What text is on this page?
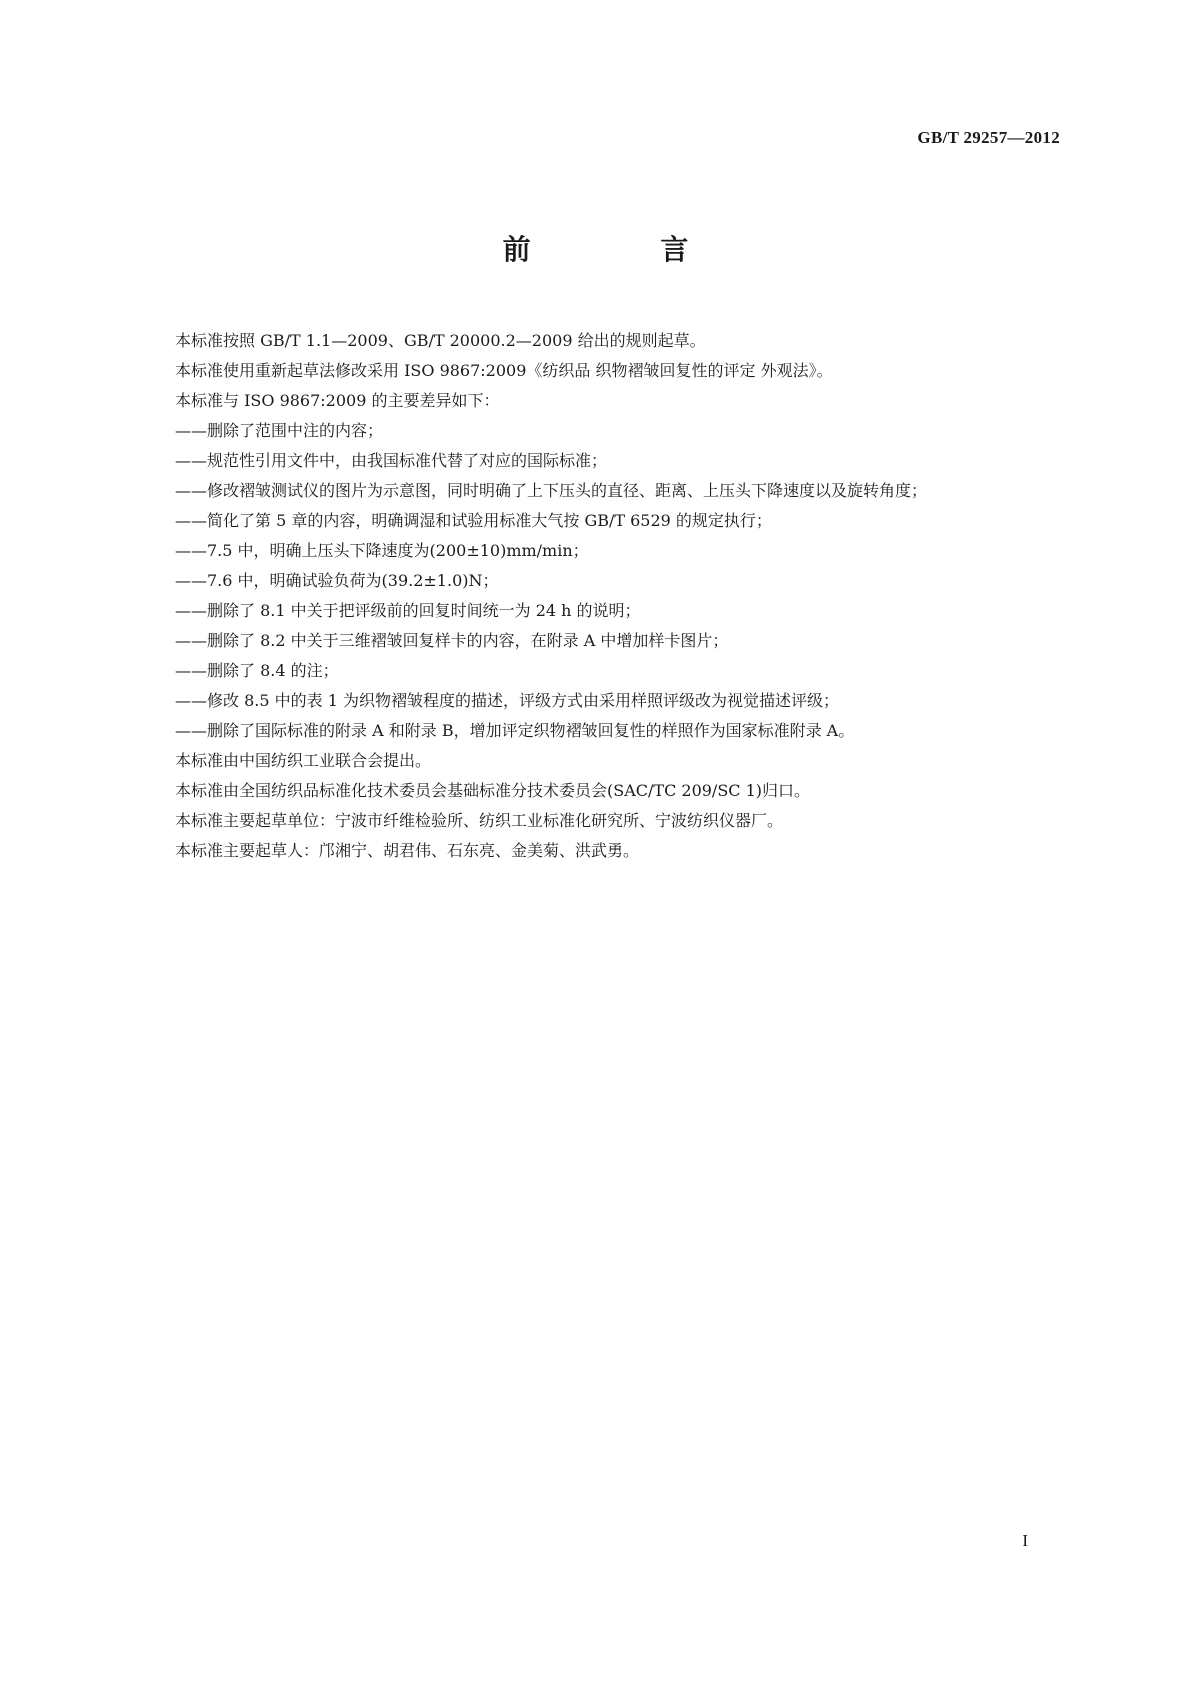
GB/T 29257—2012
前 言

本标准按照 GB/T 1.1—2009、GB/T 20000.2—2009 给出的规则起草。

本标准使用重新起草法修改采用 ISO 9867:2009《纺织品 织物褶皱回复性的评定 外观法》。

本标准与 ISO 9867:2009 的主要差异如下：

——删除了范围中注的内容；

——规范性引用文件中，由我国标准代替了对应的国际标准；

——修改褶皱测试仪的图片为示意图，同时明确了上下压头的直径、距离、上压头下降速度以及旋转角度；

——简化了第 5 章的内容，明确调湿和试验用标准大气按 GB/T 6529 的规定执行；

——7.5 中，明确上压头下降速度为(200±10)mm/min；

——7.6 中，明确试验负荷为(39.2±1.0)N；

——删除了 8.1 中关于把评级前的回复时间统一为 24 h 的说明；

——删除了 8.2 中关于三维褶皱回复样卡的内容，在附录 A 中增加样卡图片；

——删除了 8.4 的注；

——修改 8.5 中的表 1 为织物褶皱程度的描述，评级方式由采用样照评级改为视觉描述评级；

——删除了国际标准的附录 A 和附录 B，增加评定织物褶皱回复性的样照作为国家标准附录 A。

本标准由中国纺织工业联合会提出。

本标准由全国纺织品标准化技术委员会基础标准分技术委员会(SAC/TC 209/SC 1)归口。

本标准主要起草单位：宁波市纤维检验所、纺织工业标准化研究所、宁波纺织仪器厂。

本标准主要起草人：邝湘宁、胡君伟、石东亮、金美菊、洪武勇。

I
